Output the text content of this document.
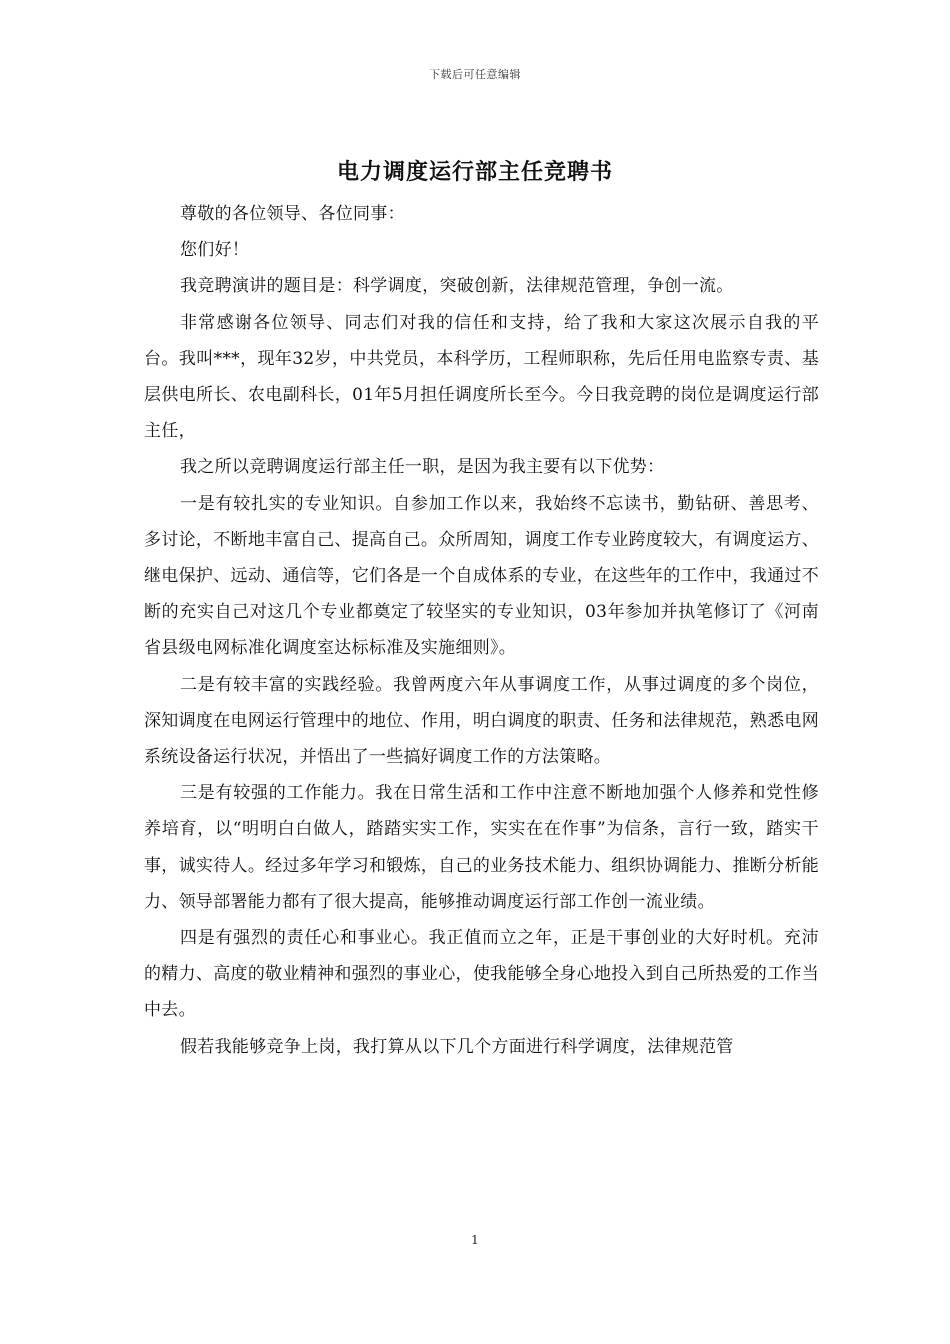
下载后可任意编辑
电力调度运行部主任竞聘书

尊敬的各位领导、各位同事：

您们好！

我竞聘演讲的题目是：科学调度，突破创新，法律规范管理，争创一流。

非常感谢各位领导、同志们对我的信任和支持，给了我和大家这次展示自我的平台。我叫***，现年32岁，中共党员，本科学历，工程师职称，先后任用电监察专责、基层供电所长、农电副科长，01年5月担任调度所长至今。今日我竞聘的岗位是调度运行部主任，

我之所以竞聘调度运行部主任一职，是因为我主要有以下优势：

一是有较扎实的专业知识。自参加工作以来，我始终不忘读书，勤钻研、善思考、多讨论，不断地丰富自己、提高自己。众所周知，调度工作专业跨度较大，有调度运方、继电保护、远动、通信等，它们各是一个自成体系的专业，在这些年的工作中，我通过不断的充实自己对这几个专业都奠定了较坚实的专业知识，03年参加并执笔修订了《河南省县级电网标准化调度室达标标准及实施细则》。

二是有较丰富的实践经验。我曾两度六年从事调度工作，从事过调度的多个岗位，深知调度在电网运行管理中的地位、作用，明白调度的职责、任务和法律规范，熟悉电网系统设备运行状况，并悟出了一些搞好调度工作的方法策略。

三是有较强的工作能力。我在日常生活和工作中注意不断地加强个人修养和党性修养培育，以“明明白白做人，踏踏实实工作，实实在在作事”为信条，言行一致，踏实干事，诚实待人。经过多年学习和锻炼，自己的业务技术能力、组织协调能力、推断分析能力、领导部署能力都有了很大提高，能够推动调度运行部工作创一流业绩。

四是有强烈的责任心和事业心。我正值而立之年，正是干事创业的大好时机。充沛的精力、高度的敬业精神和强烈的事业心，使我能够全身心地投入到自己所热爱的工作当中去。

假若我能够竞争上岗，我打算从以下几个方面进行科学调度，法律规范管

1
